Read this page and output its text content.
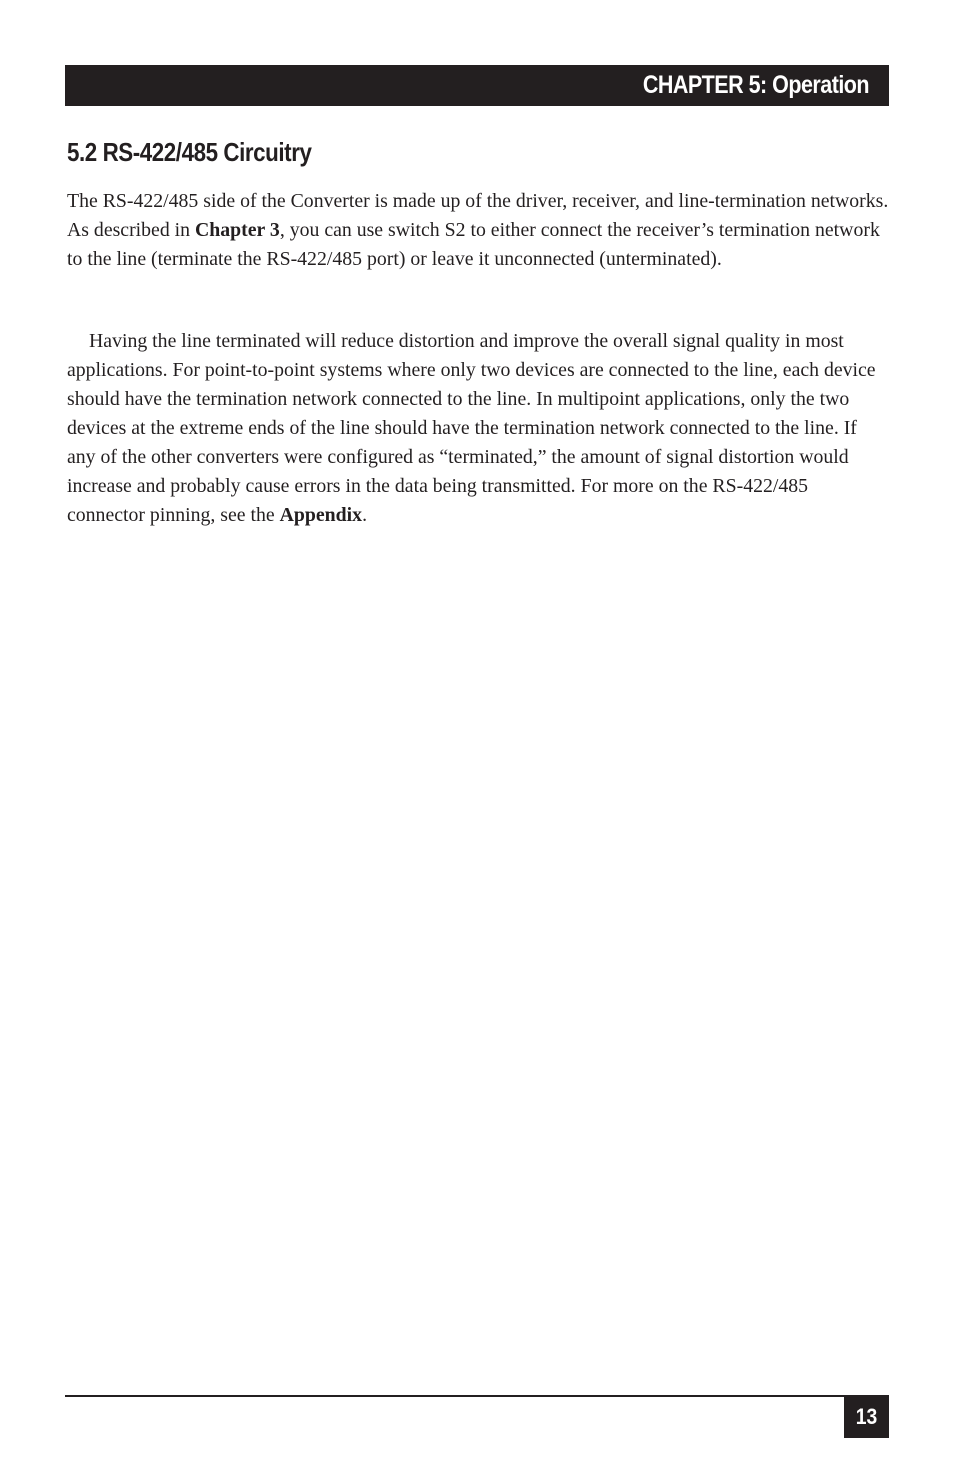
CHAPTER 5: Operation
5.2 RS-422/485 Circuitry

The RS-422/485 side of the Converter is made up of the driver, receiver, and line-termination networks. As described in Chapter 3, you can use switch S2 to either connect the receiver’s termination network to the line (terminate the RS-422/485 port) or leave it unconnected (unterminated).

Having the line terminated will reduce distortion and improve the overall signal quality in most applications. For point-to-point systems where only two devices are connected to the line, each device should have the termination network connected to the line. In multipoint applications, only the two devices at the extreme ends of the line should have the termination network connected to the line. If any of the other converters were configured as “terminated,” the amount of signal distortion would increase and probably cause errors in the data being transmitted. For more on the RS-422/485 connector pinning, see the Appendix.

13
